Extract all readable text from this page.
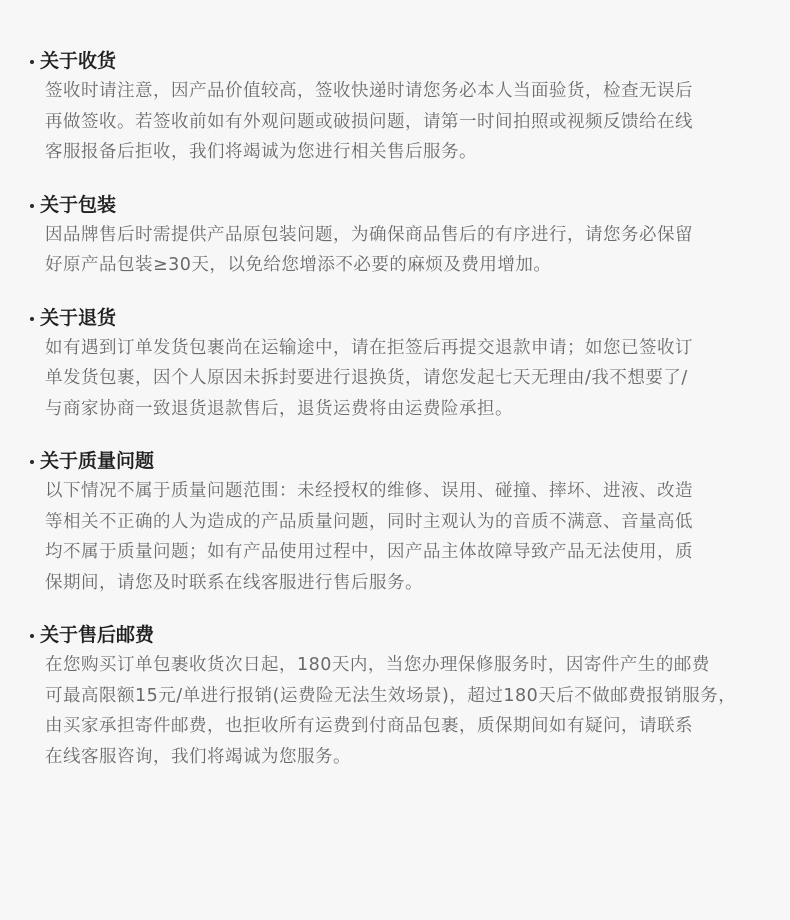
关于收货

签收时请注意，因产品价值较高，签收快递时请您务必本人当面验货，检查无误后
再做签收。若签收前如有外观问题或破损问题，请第一时间拍照或视频反馈给在线
客服报备后拒收，我们将竭诚为您进行相关售后服务。

关于包装

因品牌售后时需提供产品原包装问题，为确保商品售后的有序进行，请您务必保留
好原产品包装≥30天，以免给您增添不必要的麻烦及费用增加。

关于退货

如有遇到订单发货包裹尚在运输途中，请在拒签后再提交退款申请；如您已签收订
单发货包裹，因个人原因未拆封要进行退换货，请您发起七天无理由/我不想要了/
与商家协商一致退货退款售后，退货运费将由运费险承担。

关于质量问题

以下情况不属于质量问题范围：未经授权的维修、误用、碰撞、摔坏、进液、改造
等相关不正确的人为造成的产品质量问题，同时主观认为的音质不满意、音量高低
均不属于质量问题；如有产品使用过程中，因产品主体故障导致产品无法使用，质
保期间，请您及时联系在线客服进行售后服务。

关于售后邮费

在您购买订单包裹收货次日起，180天内，当您办理保修服务时，因寄件产生的邮费
可最高限额15元/单进行报销(运费险无法生效场景)，超过180天后不做邮费报销服务，
由买家承担寄件邮费，也拒收所有运费到付商品包裹，质保期间如有疑问，请联系
在线客服咨询，我们将竭诚为您服务。
